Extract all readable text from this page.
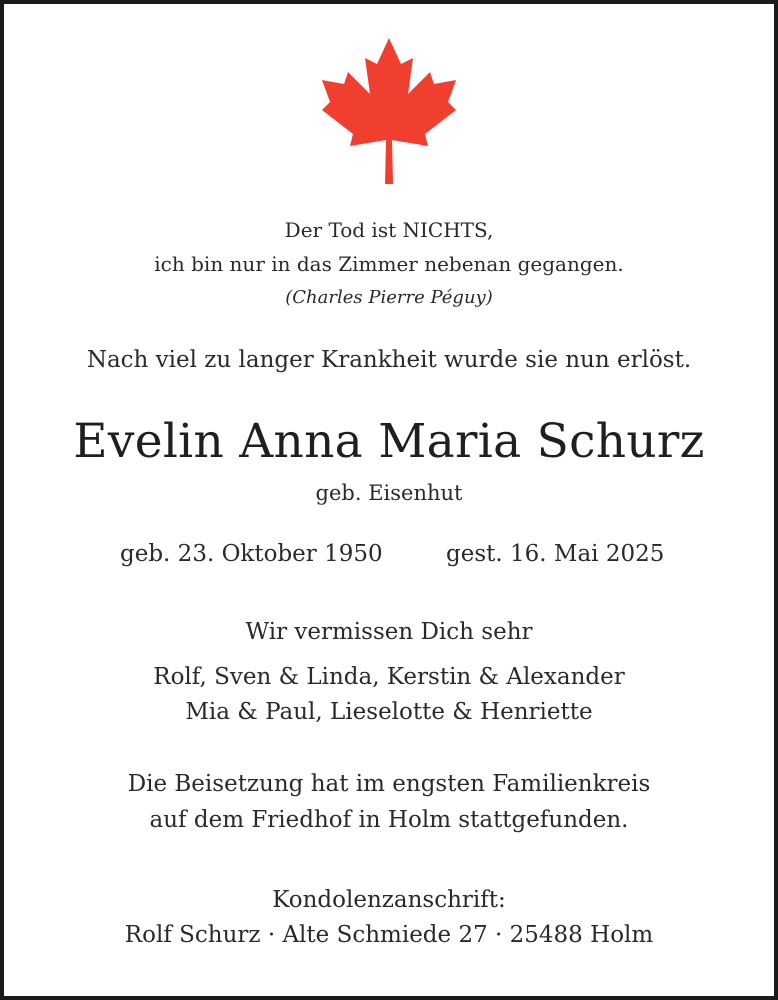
Der Tod ist NICHTS,
ich bin nur in das Zimmer nebenan gegangen.
(Charles Pierre Péguy)
Nach viel zu langer Krankheit wurde sie nun erlöst.
Evelin Anna Maria Schurz
geb. Eisenhut
geb. 23. Oktober 1950	gest. 16. Mai 2025
Wir vermissen Dich sehr
Rolf, Sven & Linda, Kerstin & Alexander
Mia & Paul, Lieselotte & Henriette
Die Beisetzung hat im engsten Familienkreis
auf dem Friedhof in Holm stattgefunden.
Kondolenzanschrift:
Rolf Schurz · Alte Schmiede 27 · 25488 Holm
